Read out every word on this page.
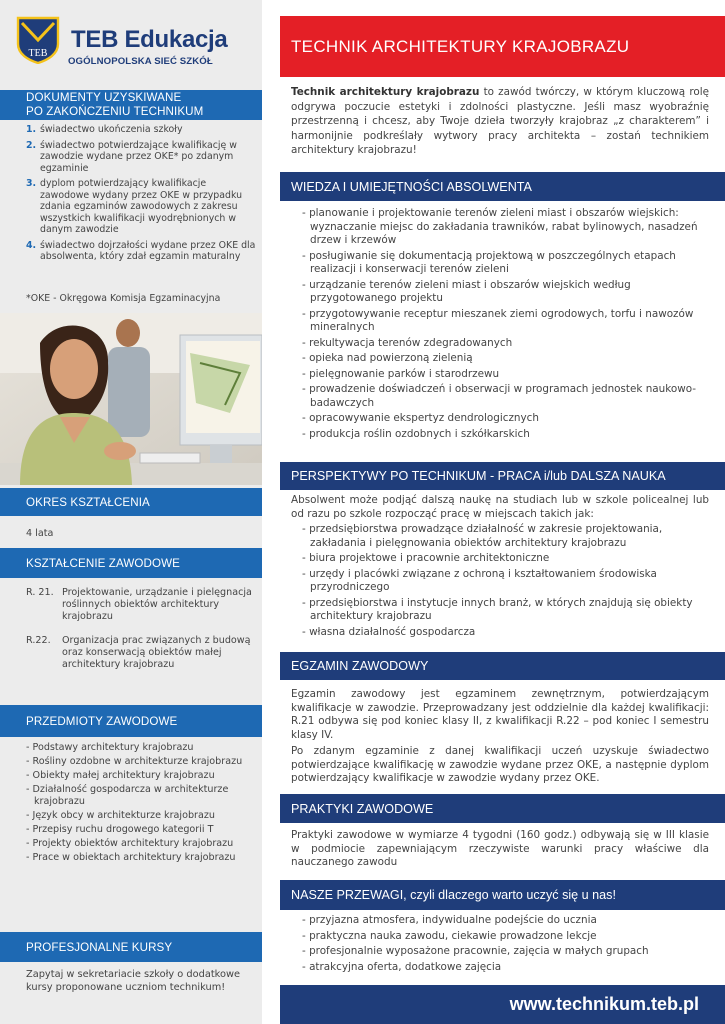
TEB
TEB Edukacja
OGÓLNOPOLSKA SIEĆ SZKÓŁ
DOKUMENTY UZYSKIWANE
PO ZAKOŃCZENIU TECHNIKUM
1. świadectwo ukończenia szkoły
2. świadectwo potwierdzające kwalifikację w zawodzie wydane przez OKE* po zdanym egzaminie
3. dyplom potwierdzający kwalifikacje zawodowe wydany przez OKE w przypadku zdania egzaminów zawodowych z zakresu wszystkich kwalifikacji wyodrębnionych w danym zawodzie
4. świadectwo dojrzałości wydane przez OKE dla absolwenta, który zdał egzamin maturalny
*OKE - Okręgowa Komisja Egzaminacyjna
OKRES KSZTAŁCENIA
4 lata
KSZTAŁCENIE ZAWODOWE
R. 21. Projektowanie, urządzanie i pielęgnacja roślinnych obiektów architektury krajobrazu
R.22. Organizacja prac związanych z budową oraz konserwacją obiektów małej architektury krajobrazu
PRZEDMIOTY ZAWODOWE
- Podstawy architektury krajobrazu
- Rośliny ozdobne w architekturze krajobrazu
- Obiekty małej architektury krajobrazu
- Działalność gospodarcza w architekturze krajobrazu
- Język obcy w architekturze krajobrazu
- Przepisy ruchu drogowego kategorii T
- Projekty obiektów architektury krajobrazu
- Prace w obiektach architektury krajobrazu
PROFESJONALNE KURSY
Zapytaj w sekretariacie szkoły o dodatkowe kursy proponowane uczniom technikum!
TECHNIK ARCHITEKTURY KRAJOBRAZU
Technik architektury krajobrazu to zawód twórczy, w którym kluczową rolę odgrywa poczucie estetyki i zdolności plastyczne. Jeśli masz wyobraźnię przestrzenną i chcesz, aby Twoje dzieła tworzyły krajobraz „z charakterem” i harmonijnie podkreślały wytwory pracy architekta – zostań technikiem architektury krajobrazu!
WIEDZA I UMIEJĘTNOŚCI ABSOLWENTA
- planowanie i projektowanie terenów zieleni miast i obszarów wiejskich: wyznaczanie miejsc do zakładania trawników, rabat bylinowych, nasadzeń drzew i krzewów
- posługiwanie się dokumentacją projektową w poszczególnych etapach realizacji i konserwacji terenów zieleni
- urządzanie terenów zieleni miast i obszarów wiejskich według przygotowanego projektu
- przygotowywanie receptur mieszanek ziemi ogrodowych, torfu i nawozów mineralnych
- rekultywacja terenów zdegradowanych
- opieka nad powierzoną zielenią
- pielęgnowanie parków i starodrzewu
- prowadzenie doświadczeń i obserwacji w programach jednostek naukowo-badawczych
- opracowywanie ekspertyz dendrologicznych
- produkcja roślin ozdobnych i szkółkarskich
PERSPEKTYWY PO TECHNIKUM - PRACA i/lub DALSZA NAUKA
Absolwent może podjąć dalszą naukę na studiach lub w szkole policealnej lub od razu po szkole rozpocząć pracę w miejscach takich jak:
- przedsiębiorstwa prowadzące działalność w zakresie projektowania, zakładania i pielęgnowania obiektów architektury krajobrazu
- biura projektowe i pracownie architektoniczne
- urzędy i placówki związane z ochroną i kształtowaniem środowiska przyrodniczego
- przedsiębiorstwa i instytucje innych branż, w których znajdują się obiekty architektury krajobrazu
- własna działalność gospodarcza
EGZAMIN ZAWODOWY

Egzamin zawodowy jest egzaminem zewnętrznym, potwierdzającym kwalifikacje w zawodzie. Przeprowadzany jest oddzielnie dla każdej kwalifikacji: R.21 odbywa się pod koniec klasy II, z kwalifikacji R.22 – pod koniec I semestru klasy IV.

Po zdanym egzaminie z danej kwalifikacji uczeń uzyskuje świadectwo potwierdzające kwalifikację w zawodzie wydane przez OKE, a następnie dyplom potwierdzający kwalifikacje w zawodzie wydany przez OKE.

PRAKTYKI ZAWODOWE
Praktyki zawodowe w wymiarze 4 tygodni (160 godz.) odbywają się w III klasie w podmiocie zapewniającym rzeczywiste warunki pracy właściwe dla nauczanego zawodu
NASZE PRZEWAGI, czyli dlaczego warto uczyć się u nas!
- przyjazna atmosfera, indywidualne podejście do ucznia
- praktyczna nauka zawodu, ciekawie prowadzone lekcje
- profesjonalnie wyposażone pracownie, zajęcia w małych grupach
- atrakcyjna oferta, dodatkowe zajęcia
www.technikum.teb.pl
